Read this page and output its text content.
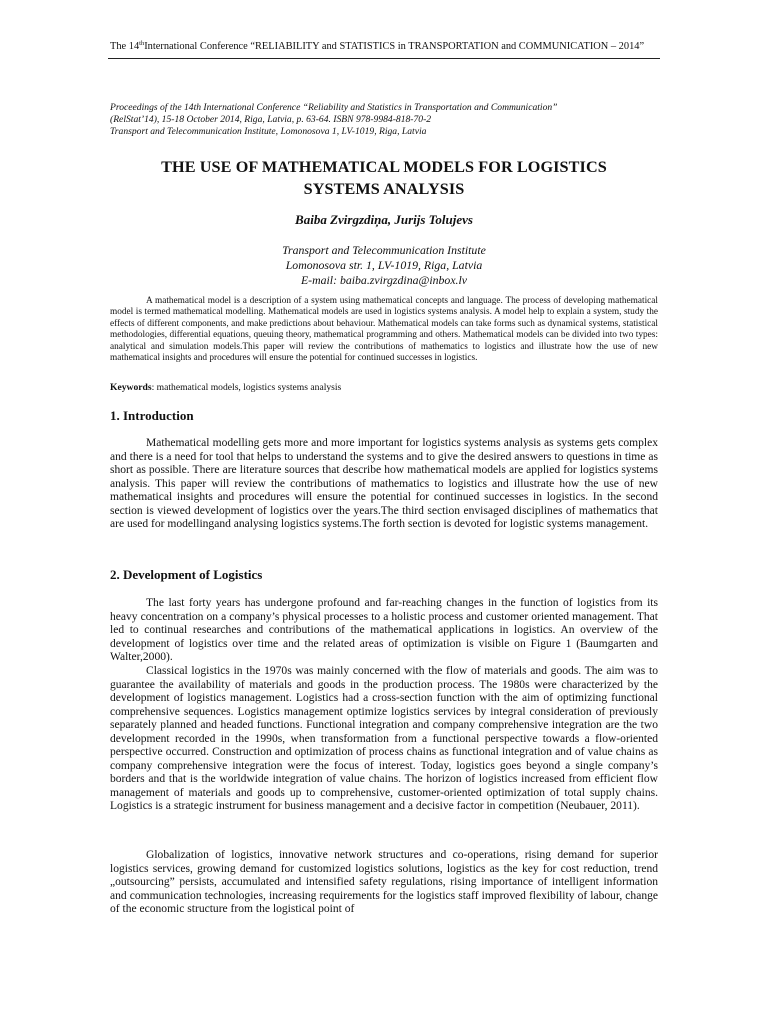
The 14thInternational Conference “RELIABILITY and STATISTICS in TRANSPORTATION and COMMUNICATION – 2014”
Proceedings of the 14th International Conference “Reliability and Statistics in Transportation and Communication”
(RelStat’14), 15-18 October 2014, Riga, Latvia, p. 63-64. ISBN 978-9984-818-70-2
Transport and Telecommunication Institute, Lomonosova 1, LV-1019, Riga, Latvia
THE USE OF MATHEMATICAL MODELS FOR LOGISTICS
SYSTEMS ANALYSIS
Baiba Zvirgzdiņa, Jurijs Tolujevs
Transport and Telecommunication Institute
Lomonosova str. 1, LV-1019, Riga, Latvia
E-mail: baiba.zvirgzdina@inbox.lv
A mathematical model is a description of a system using mathematical concepts and language. The process of developing mathematical model is termed mathematical modelling. Mathematical models are used in logistics systems analysis. A model help to explain a system, study the effects of different components, and make predictions about behaviour. Mathematical models can take forms such as dynamical systems, statistical methodologies, differential equations, queuing theory, mathematical programming and others. Mathematical models can be divided into two types: analytical and simulation models.This paper will review the contributions of mathematics to logistics and illustrate how the use of new mathematical insights and procedures will ensure the potential for continued successes in logistics.
Keywords: mathematical models, logistics systems analysis
1. Introduction
Mathematical modelling gets more and more important for logistics systems analysis as systems gets complex and there is a need for tool that helps to understand the systems and to give the desired answers to questions in time as short as possible. There are literature sources that describe how mathematical models are applied for logistics systems analysis. This paper will review the contributions of mathematics to logistics and illustrate how the use of new mathematical insights and procedures will ensure the potential for continued successes in logistics. In the second section is viewed development of logistics over the years.The third section envisaged disciplines of mathematics that are used for modellingand analysing logistics systems.The forth section is devoted for logistic systems management.
2. Development of Logistics
The last forty years has undergone profound and far-reaching changes in the function of logistics from its heavy concentration on a company’s physical processes to a holistic process and customer oriented management. That led to continual researches and contributions of the mathematical applications in logistics. An overview of the development of logistics over time and the related areas of optimization is visible on Figure 1 (Baumgarten and Walter,2000).
Classical logistics in the 1970s was mainly concerned with the flow of materials and goods. The aim was to guarantee the availability of materials and goods in the production process. The 1980s were characterized by the development of logistics management. Logistics had a cross-section function with the aim of optimizing functional comprehensive sequences. Logistics management optimize logistics services by integral consideration of previously separately planned and headed functions. Functional integration and company comprehensive integration are the two development recorded in the 1990s, when transformation from a functional perspective towards a flow-oriented perspective occurred. Construction and optimization of process chains as functional integration and of value chains as company comprehensive integration were the focus of interest. Today, logistics goes beyond a single company’s borders and that is the worldwide integration of value chains. The horizon of logistics increased from efficient flow management of materials and goods up to comprehensive, customer-oriented optimization of total supply chains. Logistics is a strategic instrument for business management and a decisive factor in competition (Neubauer, 2011).
Globalization of logistics, innovative network structures and co-operations, rising demand for superior logistics services, growing demand for customized logistics solutions, logistics as the key for cost reduction, trend „outsourcing” persists, accumulated and intensified safety regulations, rising importance of intelligent information and communication technologies, increasing requirements for the logistics staff improved flexibility of labour, change of the economic structure from the logistical point of
